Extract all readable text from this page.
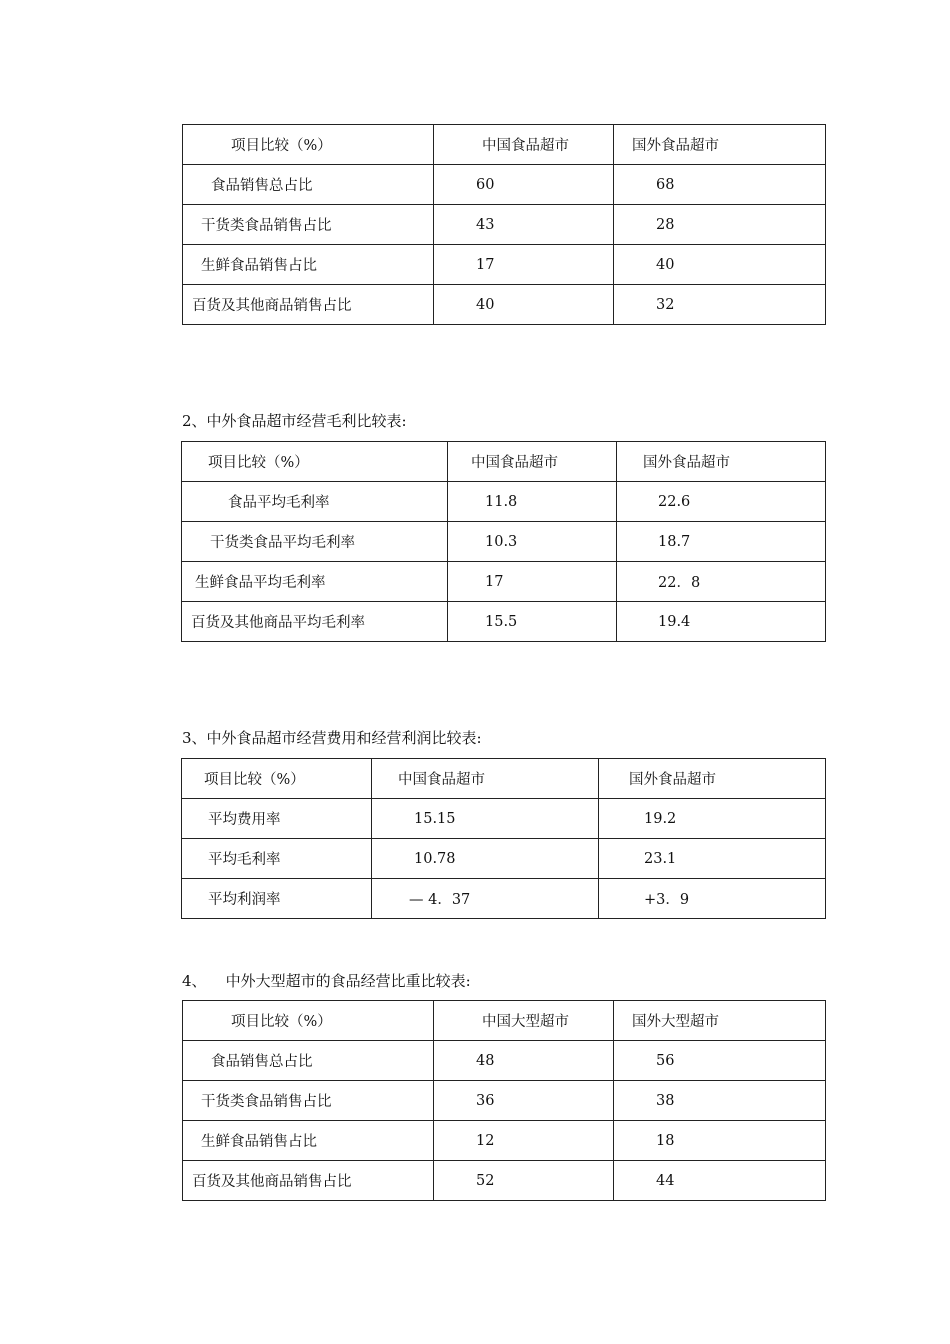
项目比较（%）	中国食品超市	国外食品超市
食品销售总占比	60	68
干货类食品销售占比	43	28
生鲜食品销售占比	17	40
百货及其他商品销售占比	40	32
2、中外食品超市经营毛利比较表:
项目比较（%）	中国食品超市	国外食品超市
食品平均毛利率	11.8	22.6
干货类食品平均毛利率	10.3	18.7
生鲜食品平均毛利率	17	22．8
百货及其他商品平均毛利率	15.5	19.4
3、中外食品超市经营费用和经营利润比较表:
项目比较（%）	中国食品超市	国外食品超市
平均费用率	15.15	19.2
平均毛利率	10.78	23.1
平均利润率	— 4．37	+3．9
4、    中外大型超市的食品经营比重比较表:
项目比较（%）	中国大型超市	国外大型超市
食品销售总占比	48	56
干货类食品销售占比	36	38
生鲜食品销售占比	12	18
百货及其他商品销售占比	52	44
